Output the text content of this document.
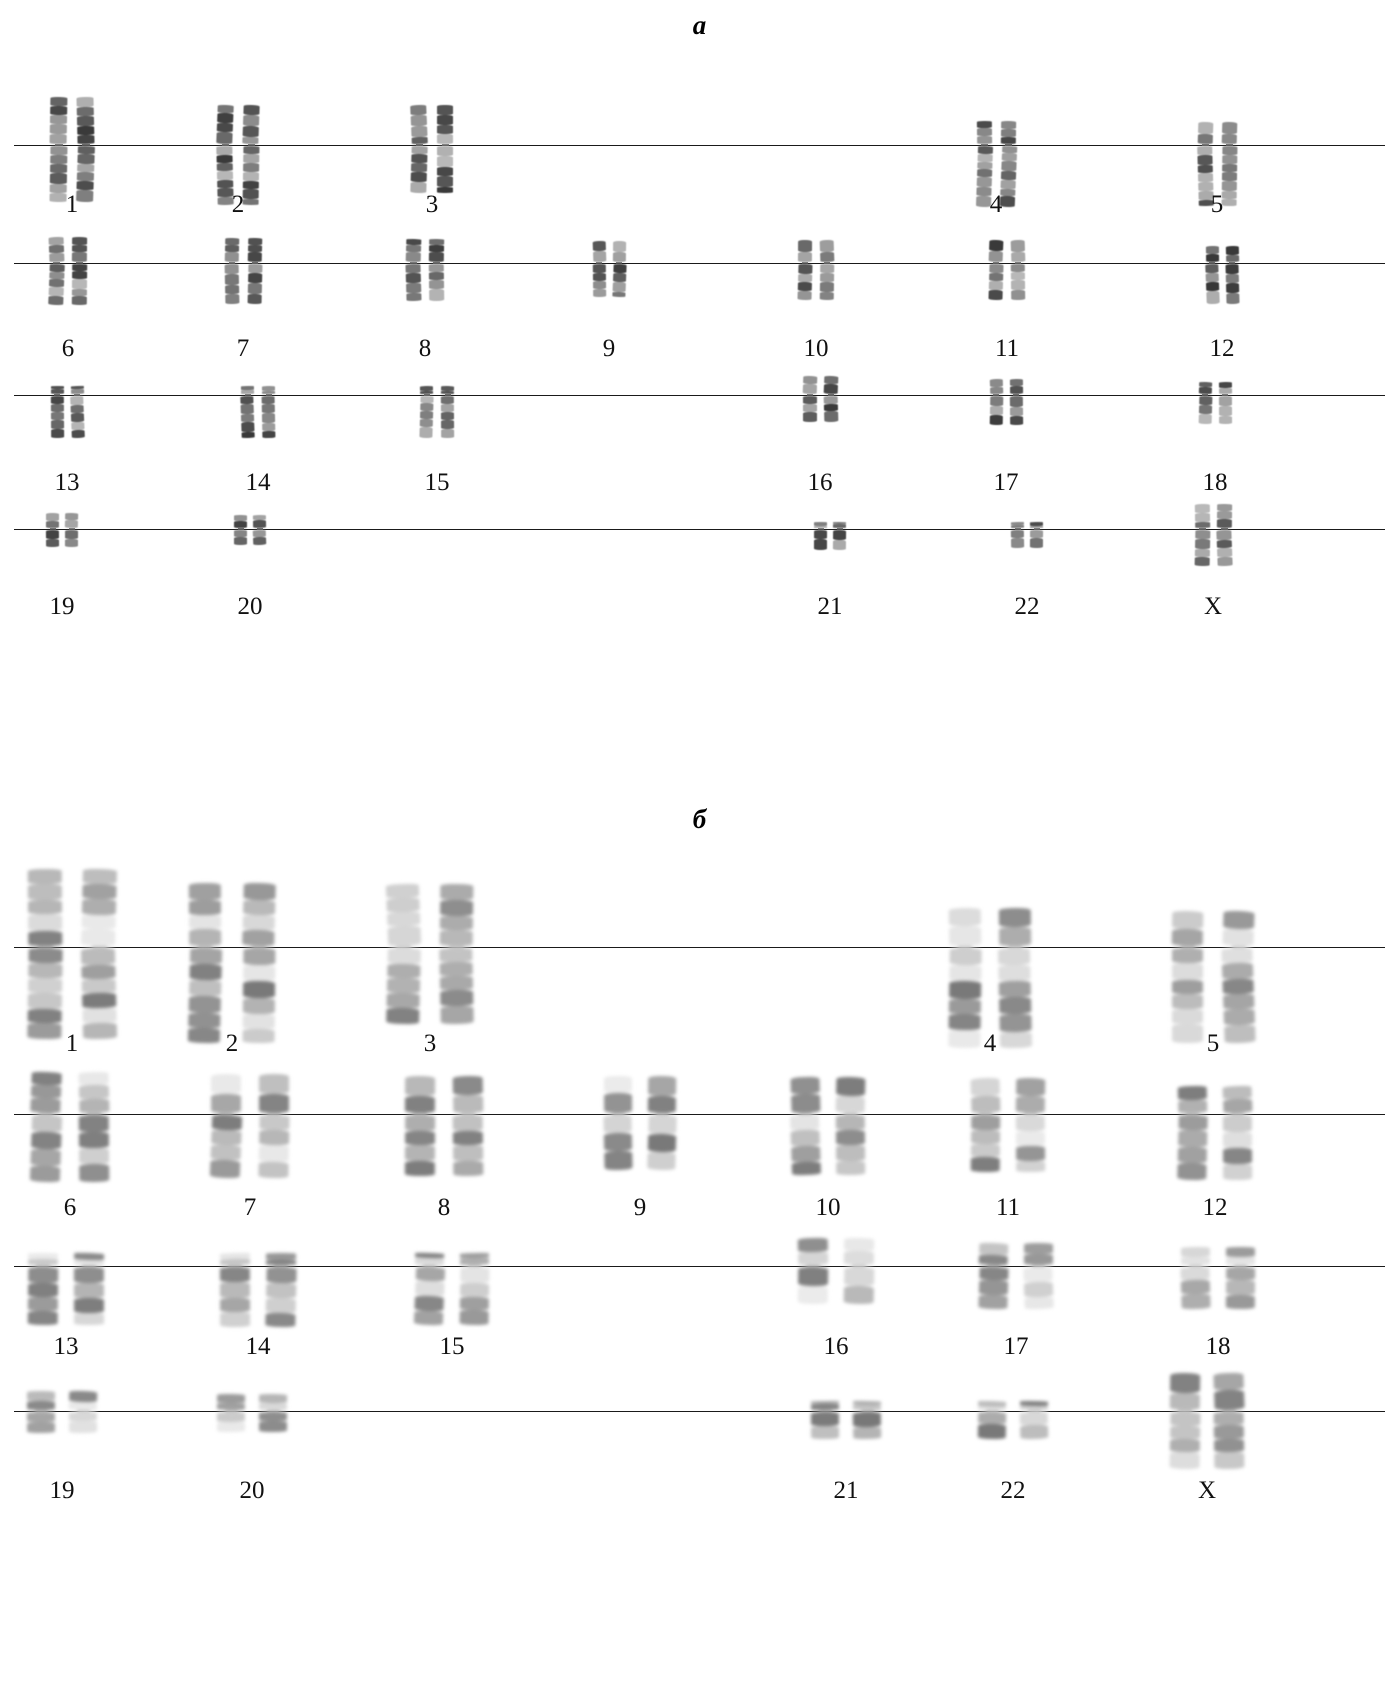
а
1	2	3	4	5
6	7	8	9	10	11	12
13	14	15	16	17	18
19	20	21	22	X
б
1	2	3	4	5
6	7	8	9	10	11	12
13	14	15	16	17	18
19	20	21	22	X
